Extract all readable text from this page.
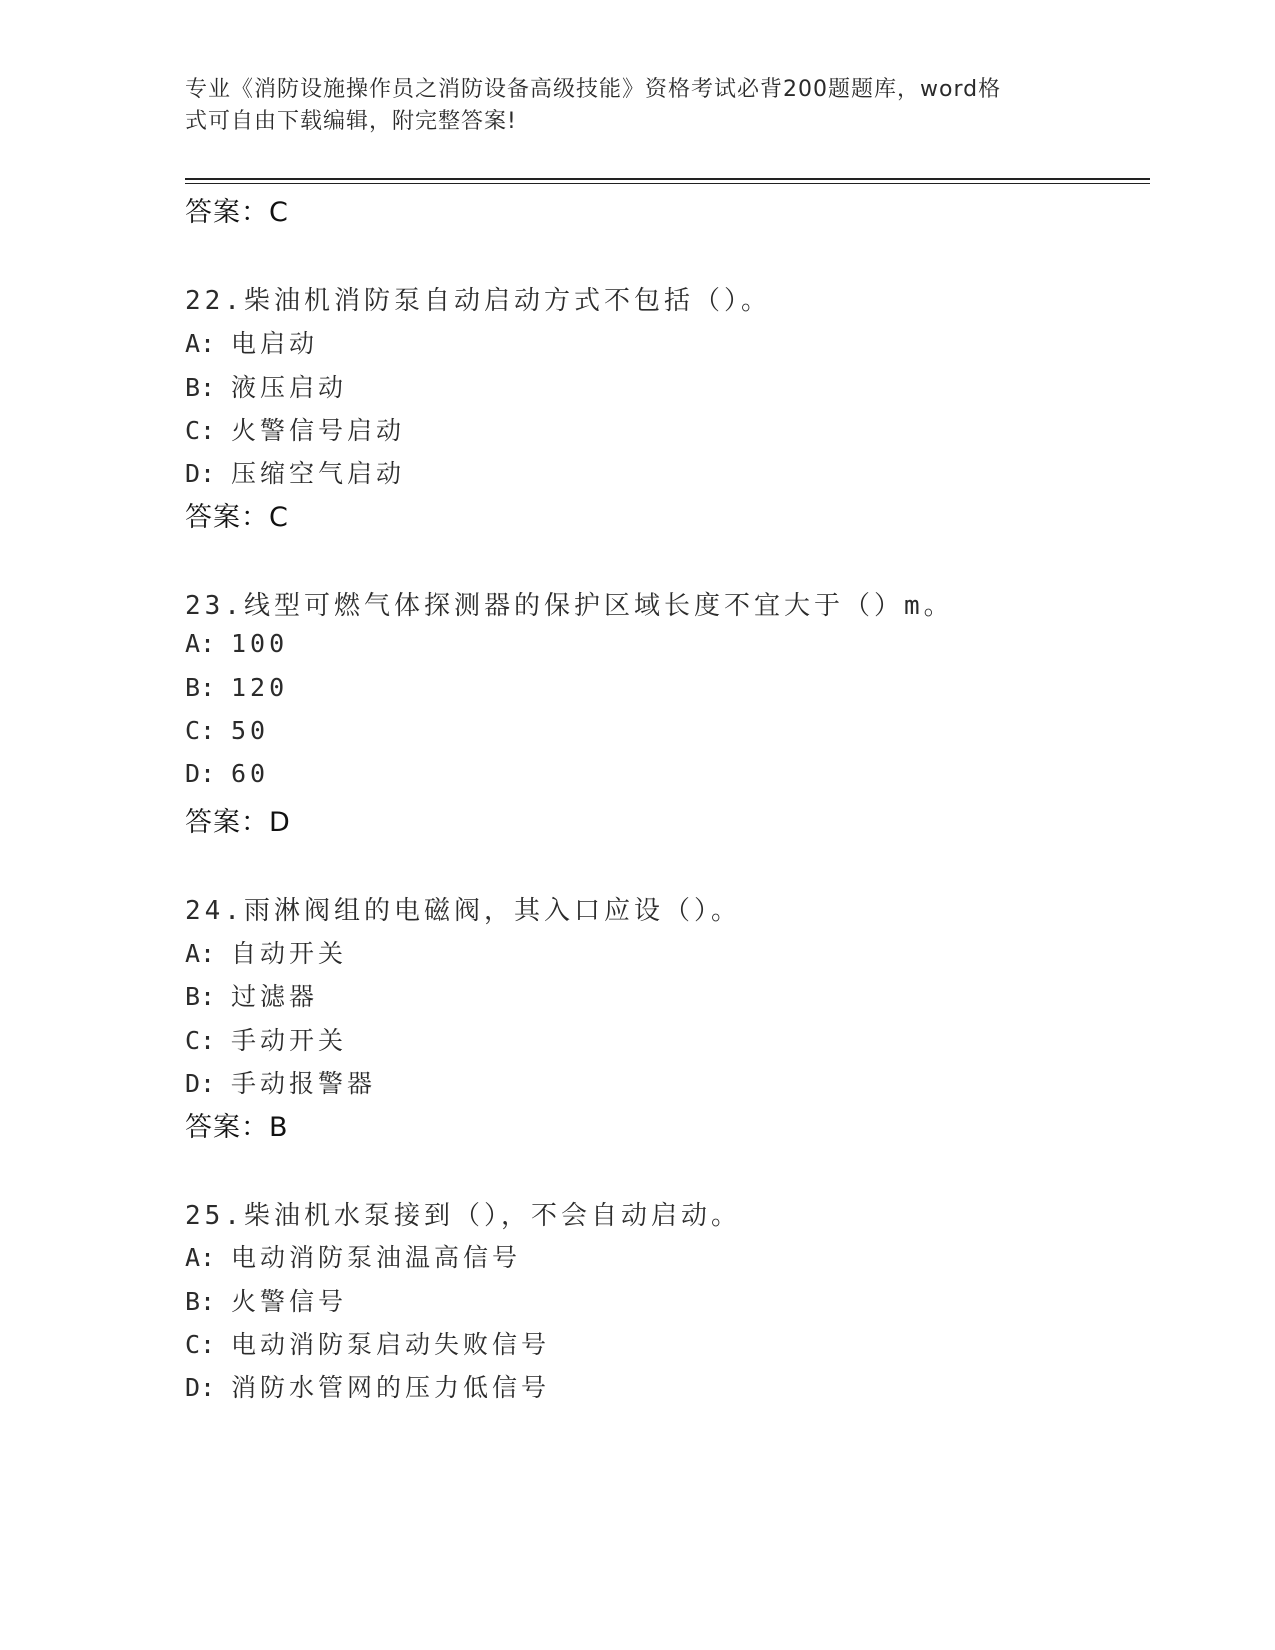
专业《消防设施操作员之消防设备高级技能》资格考试必背200题题库，word格
式可自由下载编辑，附完整答案!
答案：C
22.柴油机消防泵自动启动方式不包括（）。
A: 电启动
B: 液压启动
C: 火警信号启动
D: 压缩空气启动
答案：C
23.线型可燃气体探测器的保护区域长度不宜大于（）m。
A: 100
B: 120
C: 50
D: 60
答案：D
24.雨淋阀组的电磁阀，其入口应设（）。
A: 自动开关
B: 过滤器
C: 手动开关
D: 手动报警器
答案：B
25.柴油机水泵接到（），不会自动启动。
A: 电动消防泵油温高信号
B: 火警信号
C: 电动消防泵启动失败信号
D: 消防水管网的压力低信号
